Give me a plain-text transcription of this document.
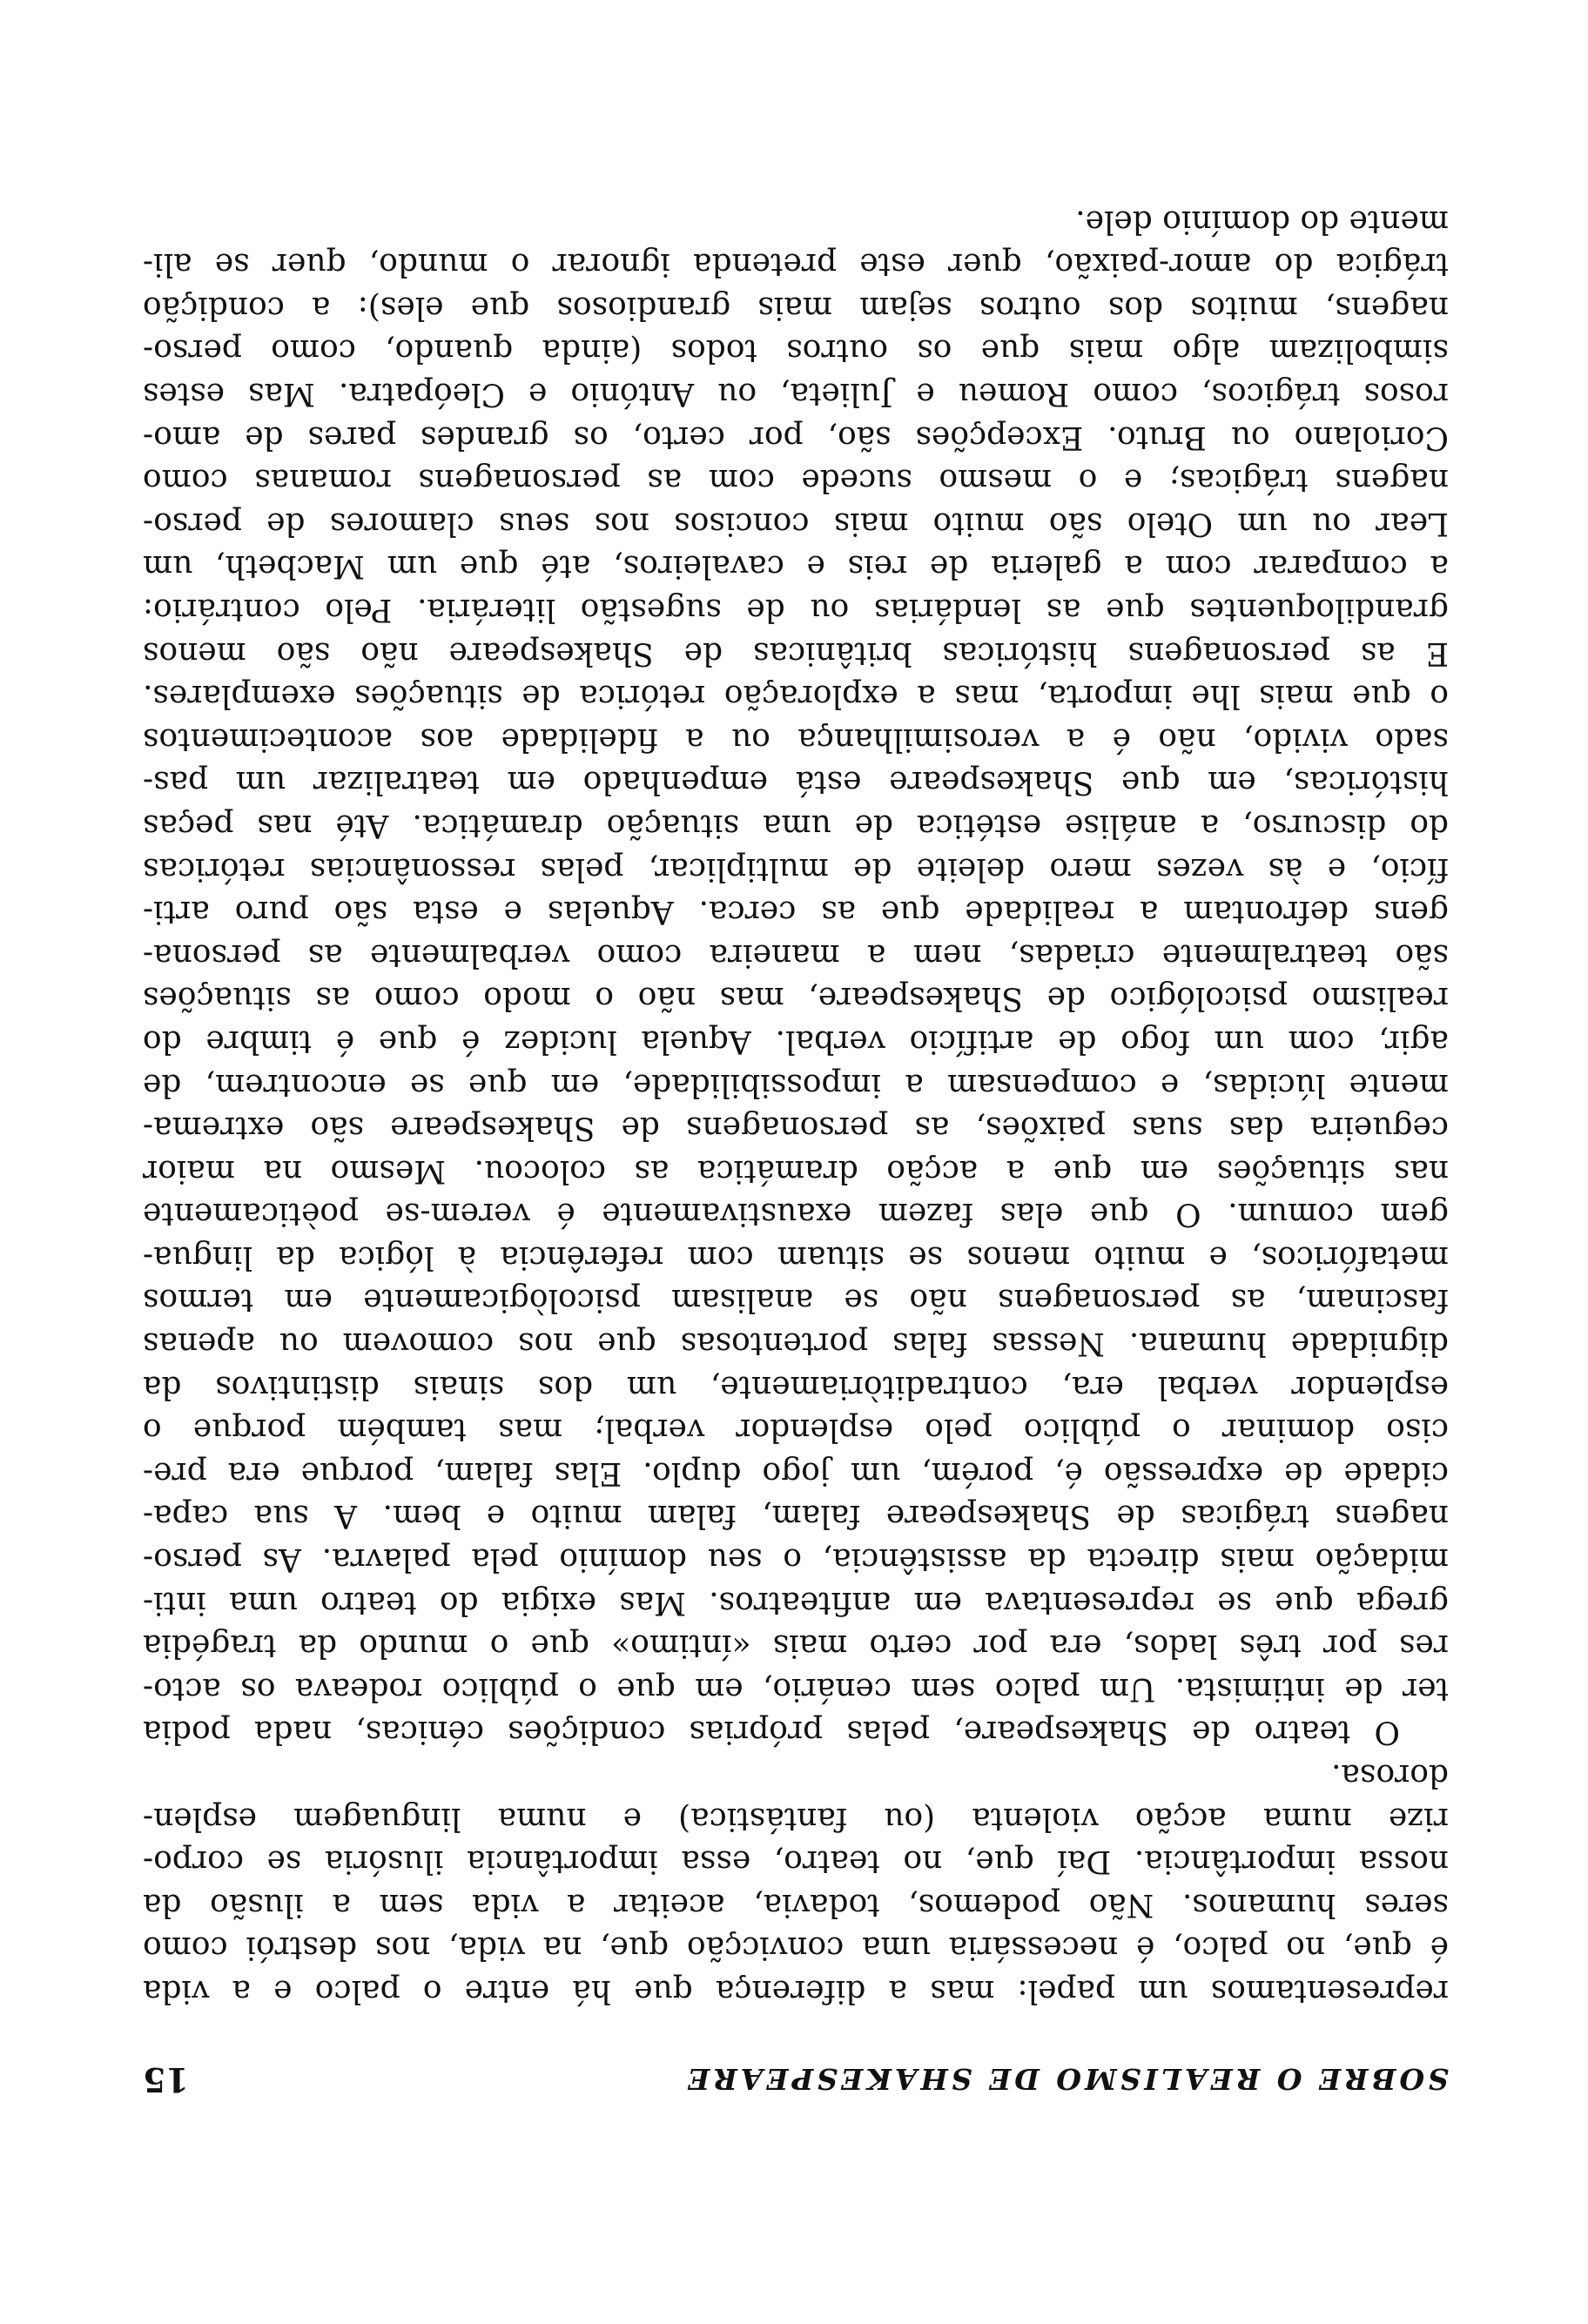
SOBRE O REALISMO DE SHAKESPEARE
15
representamos um papel: mas a diferença que há entre o palco e a vida
é que, no palco, é necessária uma convicção que, na vida, nos destrói como
seres humanos. Não podemos, todavia, aceitar a vida sem a ilusão da
nossa importância. Daí que, no teatro, essa importância ilusória se corpo-
rize numa acção violenta (ou fantástica) e numa linguagem esplen-
dorosa.
O teatro de Shakespeare, pelas próprias condições cénicas, nada podia
ter de intimista. Um palco sem cenário, em que o público rodeava os acto-
res por três lados, era por certo mais «íntimo» que o mundo da tragédia
grega que se representava em anfiteatros. Mas exigia do teatro uma inti-
midação mais directa da assistência, o seu domínio pela palavra. As perso-
nagens trágicas de Shakespeare falam, falam muito e bem. A sua capa-
cidade de expressão é, porém, um jogo duplo. Elas falam, porque era pre-
ciso dominar o público pelo esplendor verbal; mas também porque o
esplendor verbal era, contraditòriamente, um dos sinais distintivos da
dignidade humana. Nessas falas portentosas que nos comovem ou apenas
fascinam, as personagens não se analisam psicològicamente em termos
metafóricos, e muito menos se situam com referência à lógica da lingua-
gem comum. O que elas fazem exaustivamente é verem-se poèticamente
nas situações em que a acção dramática as colocou. Mesmo na maior
cegueira das suas paixões, as personagens de Shakespeare são extrema-
mente lúcidas, e compensam a impossibilidade, em que se encontrem, de
agir, com um fogo de artifício verbal. Aquela lucidez é que é timbre do
realismo psicológico de Shakespeare, mas não o modo como as situações
são teatralmente criadas, nem a maneira como verbalmente as persona-
gens defrontam a realidade que as cerca. Aquelas e esta são puro arti-
fício, e às vezes mero deleite de multiplicar, pelas ressonâncias retóricas
do discurso, a análise estética de uma situação dramática. Até nas peças
históricas, em que Shakespeare está empenhado em teatralizar um pas-
sado vivido, não é a verosimilhança ou a fidelidade aos acontecimentos
o que mais lhe importa, mas a exploração retórica de situações exemplares.
E as personagens históricas britânicas de Shakespeare não são menos
grandiloquentes que as lendárias ou de sugestão literária. Pelo contrário:
a comparar com a galeria de reis e cavaleiros, até que um Macbeth, um
Lear ou um Otelo são muito mais concisos nos seus clamores de perso-
nagens trágicas; e o mesmo sucede com as personagens romanas como
Coriolano ou Bruto. Excepções são, por certo, os grandes pares de amo-
rosos trágicos, como Romeu e Julieta, ou António e Cleópatra. Mas estes
simbolizam algo mais que os outros todos (ainda quando, como perso-
nagens, muitos dos outros sejam mais grandiosos que eles): a condição
trágica do amor-paixão, quer este pretenda ignorar o mundo, quer se ali-
mente do domínio dele.
